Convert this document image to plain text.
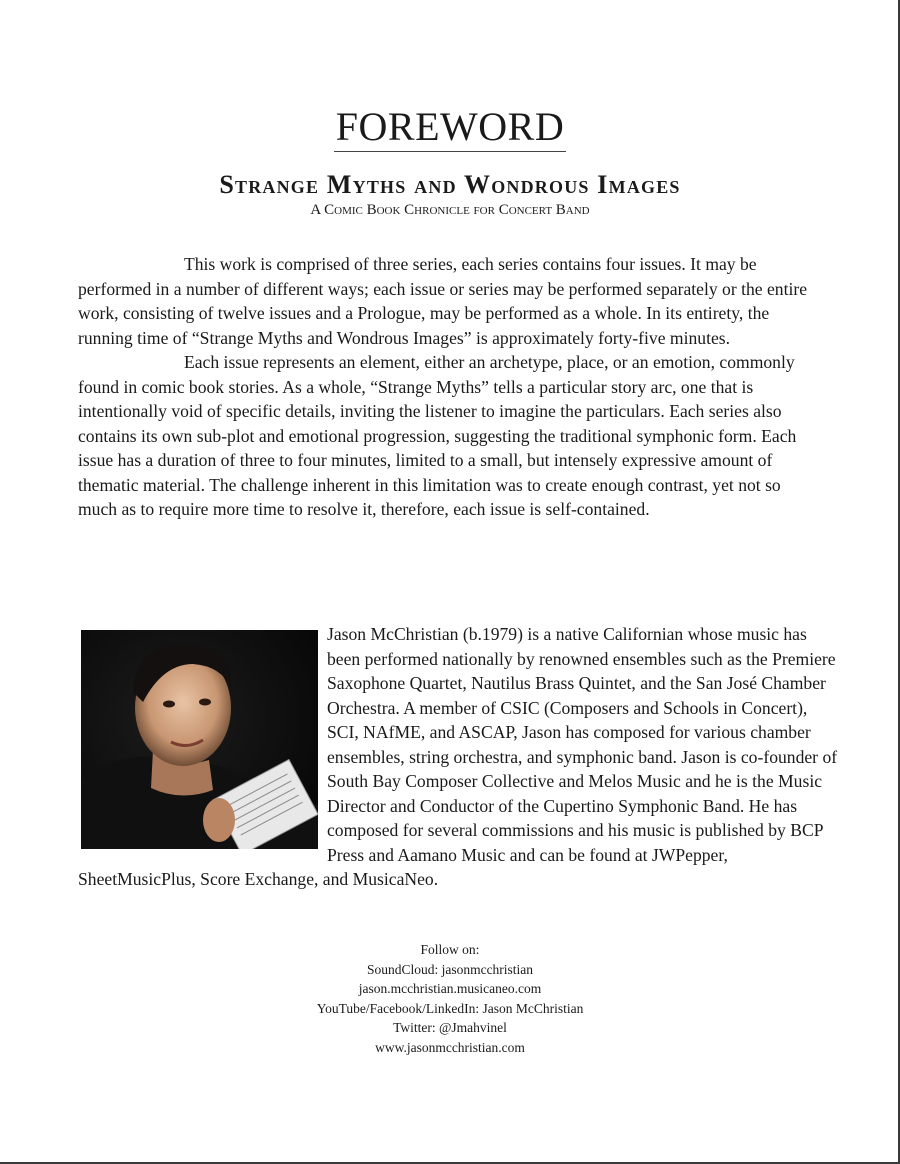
FOREWORD
Strange Myths and Wondrous Images
A Comic Book Chronicle for Concert Band

This work is comprised of three series, each series contains four issues. It may be performed in a number of different ways; each issue or series may be performed separately or the entire work, consisting of twelve issues and a Prologue, may be performed as a whole. In its entirety, the running time of “Strange Myths and Wondrous Images” is approximately forty-five minutes.

Each issue represents an element, either an archetype, place, or an emotion, commonly found in comic book stories. As a whole, “Strange Myths” tells a particular story arc, one that is intentionally void of specific details, inviting the listener to imagine the particulars. Each series also contains its own sub-plot and emotional progression, suggesting the traditional symphonic form. Each issue has a duration of three to four minutes, limited to a small, but intensely expressive amount of thematic material. The challenge inherent in this limitation was to create enough contrast, yet not so much as to require more time to resolve it, therefore, each issue is self-contained.

Jason McChristian (b.1979) is a native Californian whose music has been performed nationally by renowned ensembles such as the Premiere Saxophone Quartet, Nautilus Brass Quintet, and the San José Chamber Orchestra. A member of CSIC (Composers and Schools in Concert), SCI, NAfME, and ASCAP, Jason has composed for various chamber ensembles, string orchestra, and symphonic band. Jason is co-founder of South Bay Composer Collective and Melos Music and he is the Music Director and Conductor of the Cupertino Symphonic Band. He has composed for several commissions and his music is published by BCP Press and Aamano Music and can be found at JWPepper, SheetMusicPlus, Score Exchange, and MusicaNeo.

Follow on:
SoundCloud: jasonmcchristian
jason.mcchristian.musicaneo.com
YouTube/Facebook/LinkedIn: Jason McChristian
Twitter: @Jmahvinel
www.jasonmcchristian.com
